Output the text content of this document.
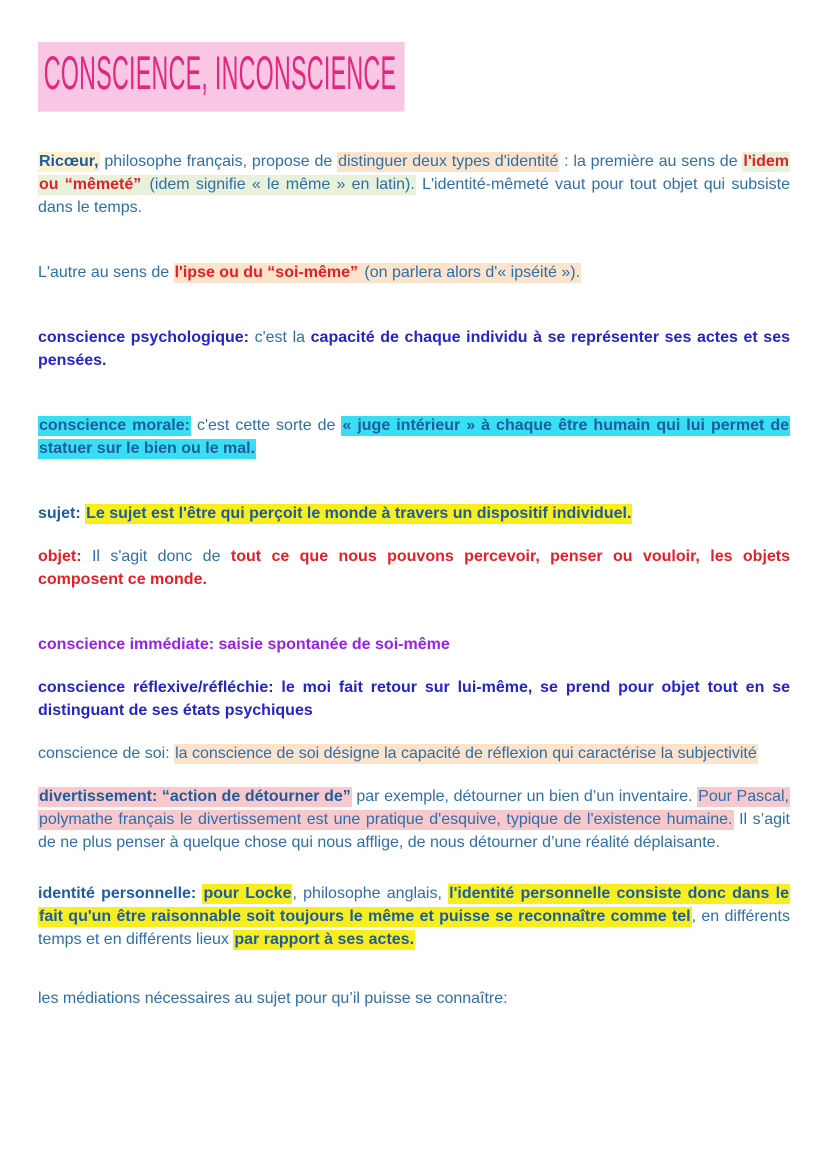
CONSCIENCE, INCONSCIENCE

Ricœur, philosophe français, propose de distinguer deux types d'identité : la première au sens de l'idem ou “mêmeté” (idem signifie « le même » en latin). L'identité-mêmeté vaut pour tout objet qui subsiste dans le temps.

L'autre au sens de l'ipse ou du “soi-même” (on parlera alors d'« ipséité »).

conscience psychologique: c'est la capacité de chaque individu à se représenter ses actes et ses pensées.

conscience morale: c'est cette sorte de « juge intérieur » à chaque être humain qui lui permet de statuer sur le bien ou le mal.

sujet: Le sujet est l'être qui perçoit le monde à travers un dispositif individuel.

objet: Il s'agit donc de tout ce que nous pouvons percevoir, penser ou vouloir, les objets composent ce monde.

conscience immédiate: saisie spontanée de soi-même

conscience réflexive/réfléchie: le moi fait retour sur lui-même, se prend pour objet tout en se distinguant de ses états psychiques

conscience de soi: la conscience de soi désigne la capacité de réflexion qui caractérise la subjectivité

divertissement: “action de détourner de” par exemple, détourner un bien d’un inventaire. Pour Pascal, polymathe français le divertissement est une pratique d'esquive, typique de l'existence humaine. Il s’agit de ne plus penser à quelque chose qui nous afflige, de nous détourner d’une réalité déplaisante.

identité personnelle: pour Locke, philosophe anglais, l'identité personnelle consiste donc dans le fait qu'un être raisonnable soit toujours le même et puisse se reconnaître comme tel, en différents temps et en différents lieux par rapport à ses actes.

les médiations nécessaires au sujet pour qu’il puisse se connaître:
